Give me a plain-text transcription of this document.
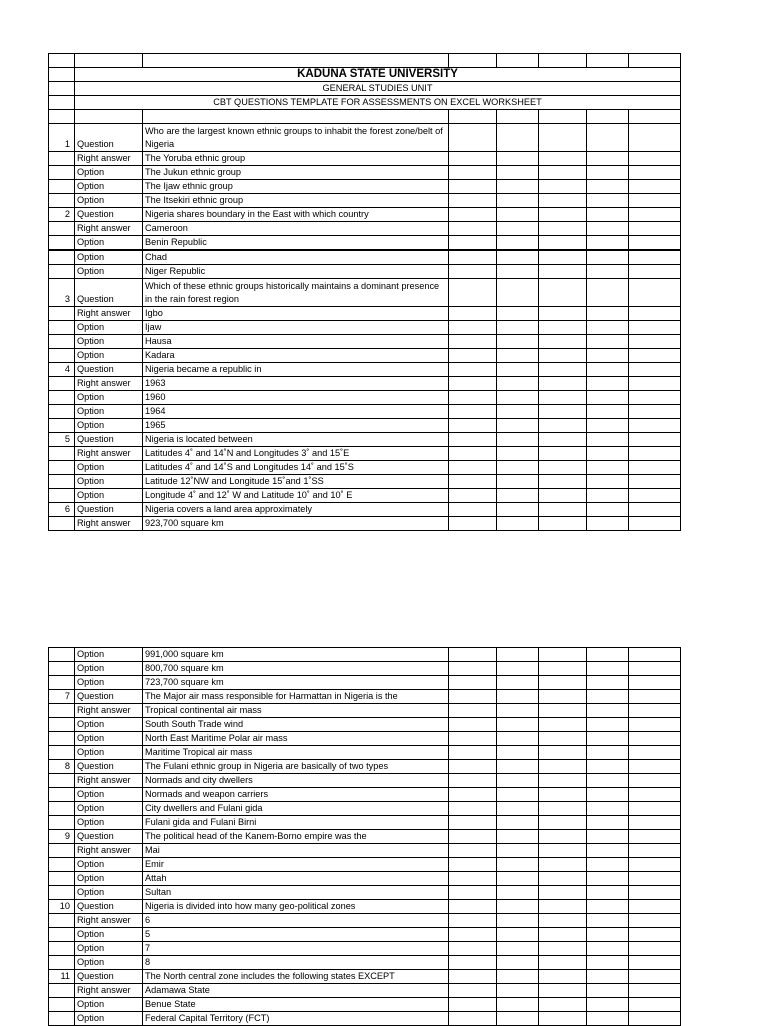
	KADUNA STATE UNIVERSITY						
	GENERAL STUDIES UNIT						
	CBT QUESTIONS TEMPLATE FOR ASSESSMENTS ON EXCEL WORKSHEET						

1	Question	Who are the largest known ethnic groups to inhabit the forest zone/belt of Nigeria					
	Right answer	The Yoruba ethnic group					
	Option	The Jukun ethnic group					
	Option	The Ijaw ethnic group					
	Option	The Itsekiri ethnic group					
2	Question	Nigeria shares boundary in the East with which country					
	Right answer	Cameroon					
	Option	Benin Republic					
	Option	Chad					
	Option	Niger Republic					
3	Question	Which of these ethnic groups historically maintains a dominant presence in the rain forest region					
	Right answer	Igbo					
	Option	Ijaw					
	Option	Hausa					
	Option	Kadara					
4	Question	Nigeria became a republic in					
	Right answer	1963					
	Option	1960					
	Option	1964					
	Option	1965					
5	Question	Nigeria is located between					
	Right answer	Latitudes 4˚ and 14˚N and Longitudes 3˚ and 15˚E					
	Option	Latitudes 4˚ and 14˚S and Longitudes 14˚ and 15˚S					
	Option	Latitude 12˚NW and Longitude 15˚and 1˚SS					
	Option	Longitude 4˚ and 12˚ W and Latitude 10˚ and 10˚ E					
6	Question	Nigeria covers a land area approximately					
	Right answer	923,700 square km					
	Option	991,000 square km					
	Option	800,700 square km					
	Option	723,700 square km					
7	Question	The Major air mass responsible for Harmattan in Nigeria is the					
	Right answer	Tropical continental air mass					
	Option	South South Trade wind					
	Option	North East Maritime Polar air mass					
	Option	Maritime Tropical air mass					
8	Question	The Fulani ethnic group in Nigeria are basically of two types					
	Right answer	Normads and city dwellers					
	Option	Normads and weapon carriers					
	Option	City dwellers and Fulani gida					
	Option	Fulani gida and Fulani Birni					
9	Question	The political head of the Kanem-Borno empire was the					
	Right answer	Mai					
	Option	Emir					
	Option	Attah					
	Option	Sultan					
10	Question	Nigeria is divided into how many geo-political zones					
	Right answer	6					
	Option	5					
	Option	7					
	Option	8					
11	Question	The North central zone includes the following states EXCEPT					
	Right answer	Adamawa State					
	Option	Benue State					
	Option	Federal Capital Territory (FCT)					
